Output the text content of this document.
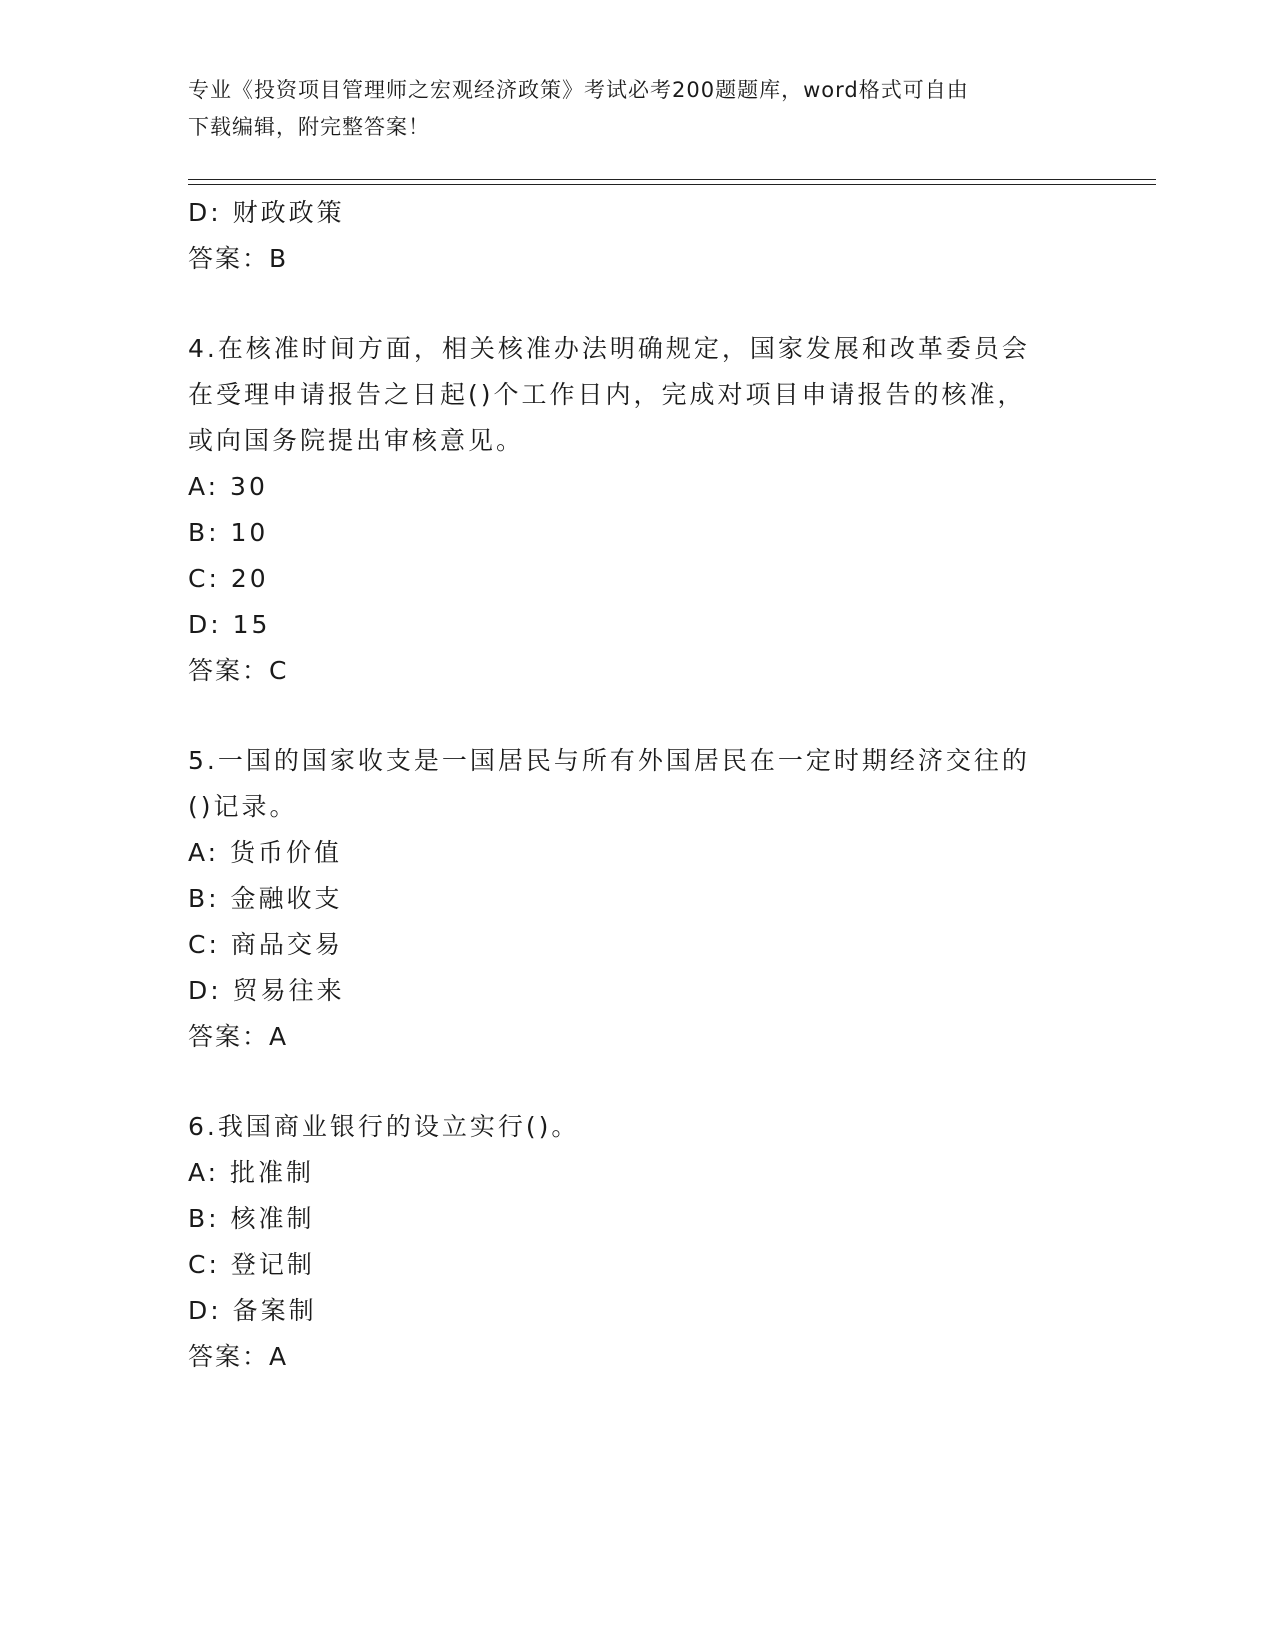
专业《投资项目管理师之宏观经济政策》考试必考200题题库，word格式可自由
下载编辑，附完整答案！
D: 财政政策
答案：B
4.在核准时间方面，相关核准办法明确规定，国家发展和改革委员会
在受理申请报告之日起()个工作日内，完成对项目申请报告的核准，
或向国务院提出审核意见。
A: 30
B: 10
C: 20
D: 15
答案：C
5.一国的国家收支是一国居民与所有外国居民在一定时期经济交往的
()记录。
A: 货币价值
B: 金融收支
C: 商品交易
D: 贸易往来
答案：A
6.我国商业银行的设立实行()。
A: 批准制
B: 核准制
C: 登记制
D: 备案制
答案：A
